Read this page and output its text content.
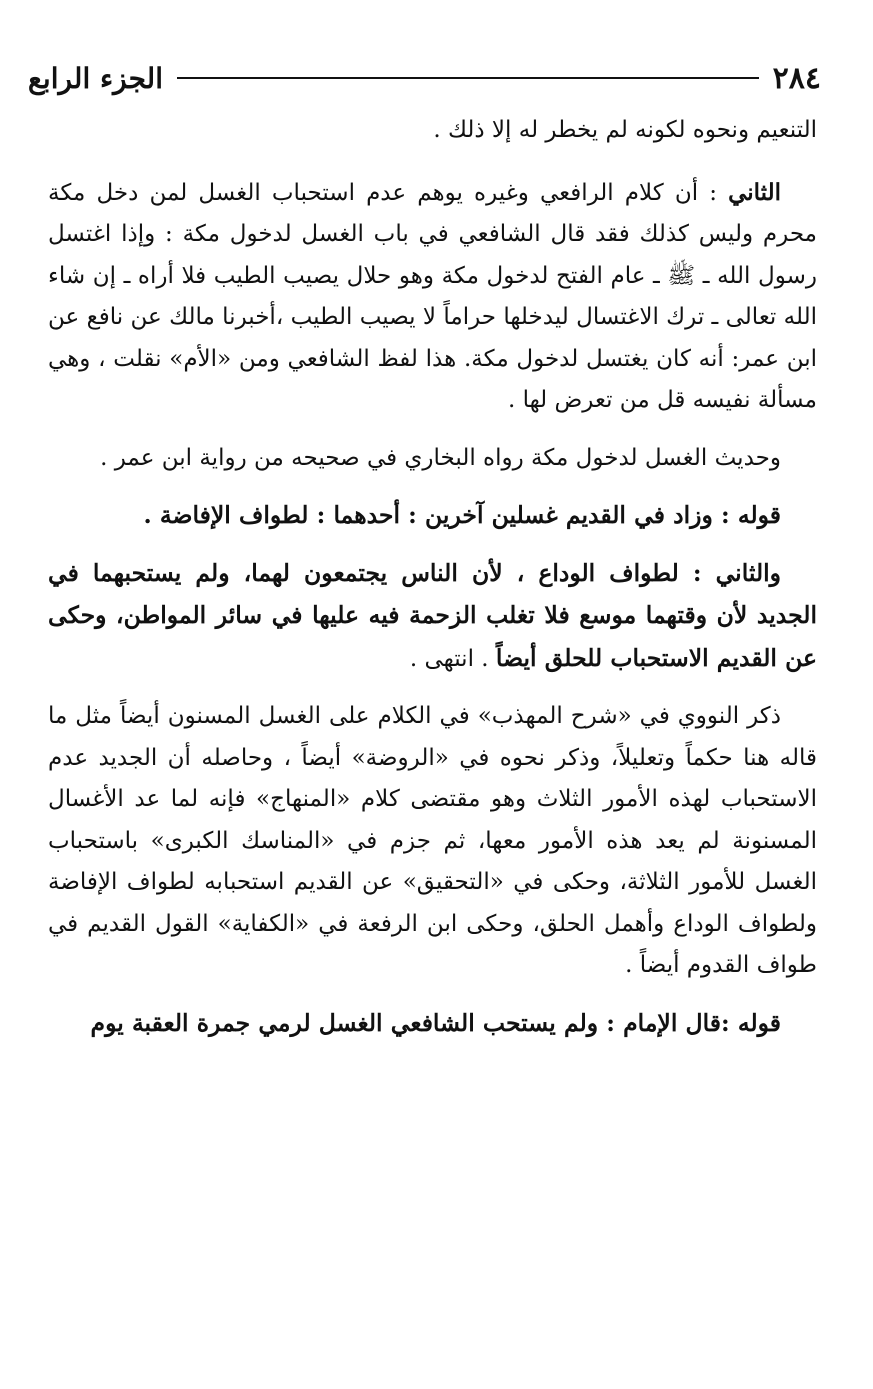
٢٨٤
الجزء الرابع

التنعيم ونحوه لكونه لم يخطر له إلا ذلك .

الثاني : أن كلام الرافعي وغيره يوهم عدم استحباب الغسل لمن دخل مكة محرم وليس كذلك فقد قال الشافعي في باب الغسل لدخول مكة : وإذا اغتسل رسول الله ـ ﷺ ـ عام الفتح لدخول مكة وهو حلال يصيب الطيب فلا أراه ـ إن شاء الله تعالى ـ ترك الاغتسال ليدخلها حراماً لا يصيب الطيب ،أخبرنا مالك عن نافع عن ابن عمر: أنه كان يغتسل لدخول مكة. هذا لفظ الشافعي ومن «الأم» نقلت ، وهي مسألة نفيسه قل من تعرض لها .

وحديث الغسل لدخول مكة رواه البخاري في صحيحه من رواية ابن عمر .

قوله : وزاد في القديم غسلين آخرين : أحدهما : لطواف الإفاضة .

والثاني : لطواف الوداع ، لأن الناس يجتمعون لهما، ولم يستحبهما في الجديد لأن وقتهما موسع فلا تغلب الزحمة فيه عليها في سائر المواطن، وحكى عن القديم الاستحباب للحلق أيضاً . انتهى .

ذكر النووي في «شرح المهذب» في الكلام على الغسل المسنون أيضاً مثل ما قاله هنا حكماً وتعليلاً، وذكر نحوه في «الروضة» أيضاً ، وحاصله أن الجديد عدم الاستحباب لهذه الأمور الثلاث وهو مقتضى كلام «المنهاج» فإنه لما عد الأغسال المسنونة لم يعد هذه الأمور معها، ثم جزم في «المناسك الكبرى» باستحباب الغسل للأمور الثلاثة، وحكى في «التحقيق» عن القديم استحبابه لطواف الإفاضة ولطواف الوداع وأهمل الحلق، وحكى ابن الرفعة في «الكفاية» القول القديم في طواف القدوم أيضاً .

قوله :قال الإمام : ولم يستحب الشافعي الغسل لرمي جمرة العقبة يوم
